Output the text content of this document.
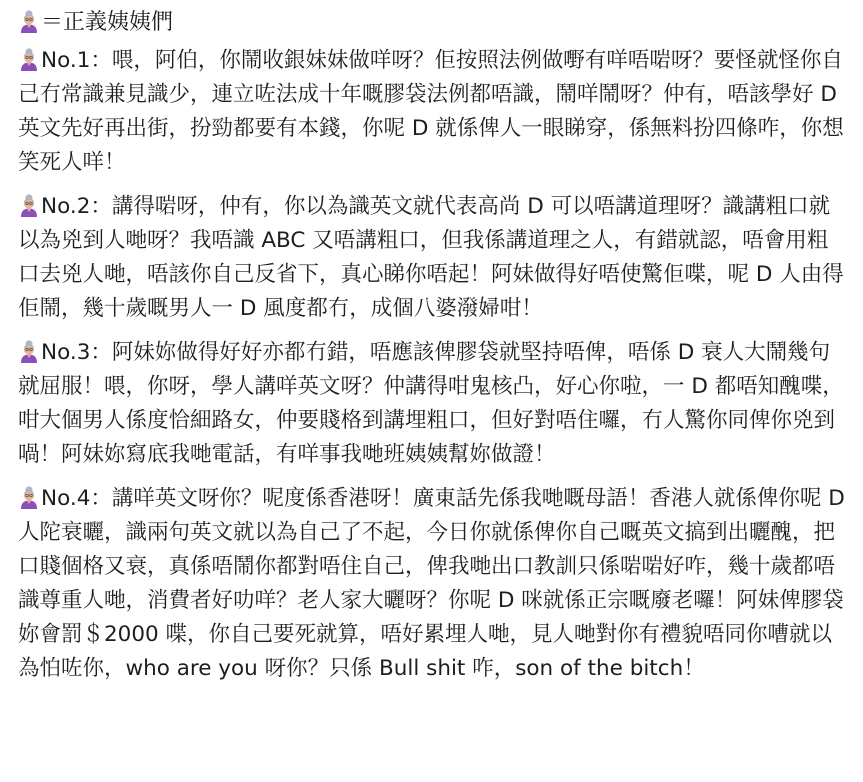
＝正義姨姨們

No.1：喂，阿伯，你鬧收銀妹妹做咩呀？佢按照法例做嘢有咩唔啱呀？要怪就怪你自己冇常識兼見識少，連立咗法成十年嘅膠袋法例都唔識，鬧咩鬧呀？仲有，唔該學好 D 英文先好再出街，扮勁都要有本錢，你呢 D 就係俾人一眼睇穿，係無料扮四條咋，你想笑死人咩！

No.2：講得啱呀，仲有，你以為識英文就代表高尚 D 可以唔講道理呀？識講粗口就以為兇到人哋呀？我唔識 ABC 又唔講粗口，但我係講道理之人，有錯就認，唔會用粗口去兇人哋，唔該你自己反省下，真心睇你唔起！阿妹做得好唔使驚佢喋，呢 D 人由得佢鬧，幾十歲嘅男人一 D 風度都冇，成個八婆潑婦咁！

No.3：阿妹妳做得好好亦都冇錯，唔應該俾膠袋就堅持唔俾，唔係 D 衰人大鬧幾句就屈服！喂，你呀，學人講咩英文呀？仲講得咁鬼核凸，好心你啦，一 D 都唔知醜喋，咁大個男人係度恰細路女，仲要賤格到講埋粗口，但好對唔住囉，冇人驚你同俾你兇到喎！阿妹妳寫底我哋電話，有咩事我哋班姨姨幫妳做證！

No.4：講咩英文呀你？呢度係香港呀！廣東話先係我哋嘅母語！香港人就係俾你呢 D 人陀衰曬，識兩句英文就以為自己了不起，今日你就係俾你自己嘅英文搞到出曬醜，把口賤個格又衰，真係唔鬧你都對唔住自己，俾我哋出口教訓只係啱啱好咋，幾十歲都唔識尊重人哋，消費者好叻咩？老人家大曬呀？你呢 D 咪就係正宗嘅廢老囉！阿妹俾膠袋妳會罰＄2000 喋，你自己要死就算，唔好累埋人哋，見人哋對你有禮貌唔同你嘈就以為怕咗你，who are you 呀你？只係 Bull shit 咋，son of the bitch！
